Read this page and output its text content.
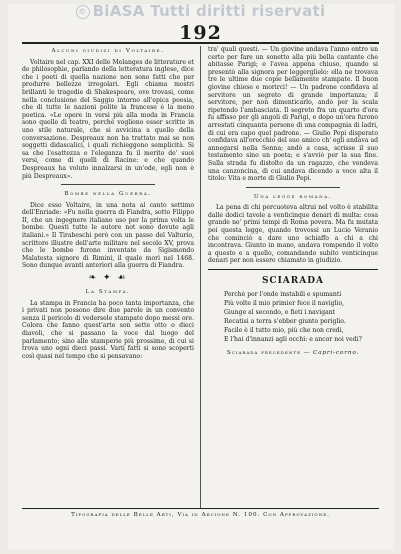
© BiASA Tutti diritti riservati
192
Alcuni giudizi di Voltaire.

Voltaire nel cap. XXI delle Melanges de litterature et de philosophie, parlando della letteratura inglese, dice che i poeti di quella nazione non sono fatti che per produrre bellezze irregolari. Egli chiama mostri brillanti le tragedie di Shakespeare, ove trovasi, come nella conclusione del Saggio intorno all'epica poesia, che di tutte le nazioni polite la francese è la meno poetica. «Le opere in versi più alla moda in Francia sono quelle di teatro, perchè vogliono esser scritte in uno stile naturale, che si avvicina a quello della conversazione. Despreaux non ha trattato mai se non soggetti didascalici, i quali richieggono semplicità. Si sa che l'esattezza e l'eleganza fu il merito de' suoi versi, come di quelli di Racine: e che quando Despreaux ha voluto innalzarsi in un'ode, egli non è più Despreaux».

Bombe nella Guerra.

Dice esso Voltaire, in una nota al canto settimo dell'Enriade: «Fu nella guerra di Fiandra, sotto Filippo II, che un ingegnere italiano uso per la prima volta le bombe. Questi tutte le autore not sono dovute agli italiani.» Il Tirabeschi però con un passo del Valturio, scrittore illustre dell'arte militare nel secolo XV, prova che le bombe furono inventate da Sigismondo Malatesta signore di Rimini, il quale morì nel 1468. Sono dunque avanti anteriori alla guerra di Fiandra.

❧ ✦ ☙
La Stampa.

La stampa in Francia ha poco tanta importanza, che i privati non possono dire due parole in un convento senza il pericolo di vedersele stampate dopo messi ore. Colora che fanno quest'arte son sette otto o dieci diavoli, che si passano la voce dal luogo del parlamento; sino alle stamperie più prossime, di cui si trova uno ogni dieci passi. Varii fatti si sono scoperti così quasi nel tempo che si pensavano:

tra' quali questi. — Un giovine andava l'anno entro un certo per fare un sonetto alla più bella cantante che abitasse Parigi; e l'avea appena chiuso, quando si presentò alla signora per leggerglielo: ella ne trovava tre le ultime due copie bellamente stampate. Il buon giovine chiese e morirci! — Un padrone confidava al servitore un segreto di grande importanza; il servitore, per non dimenticarlo, andò per la scala ripetendo l'ambasciata. Il segreto fra un quarto d'ora fu affisso per gli angoli di Parigi, e dopo un'ora furono arrestati cinquanta persone di una compagnia di ladri, di cui era capo quel padrone. — Giulio Pepi disperato confidava all'orecchio del suo amico ch' egli andava ad annegarsi nella Senna; andò a casa, scrisse il suo testamento sino un poeta; e s'avviò per la sua fine. Sulla strada fu distolto da un ragazzo, che vendeva una canzoncina, di cui andava dicendo a voce alta il titolo: Vita e morte di Giulio Pepi.

Una legge romana.

La pena di chi percuoteva altrui nel volto è stabilita dalle dodici tavole a venticinque denari di multa: cosa grande ne' primi tempi di Roma povera. Ma fu mutata poi questa legge, quando trovossi un Lucio Veranio che cominciò a dare uno schiaffo a chi a chi incontrava. Giunto in mano, andava rompendo il volto a questo e a quello, comandando subito venticinque denari per non essere chiamato in giudizio.

SCIARADA

Perchè per l'onde instabili e spumanti

Più volte il mio primier fece il naviglio,

Giunge al secondo, e fieti i navigant

Recatisi a terra s'ebber giunto periglio.

Facile è il tutto mio, più che non credi,

E l'hai d'innanzi agli occhi: e ancor noi vedi?

Sciarada precedente — Capri-corno.
Tipografia delle Belle Arti, Via in Arcione N. 100. Con Approvazione.
